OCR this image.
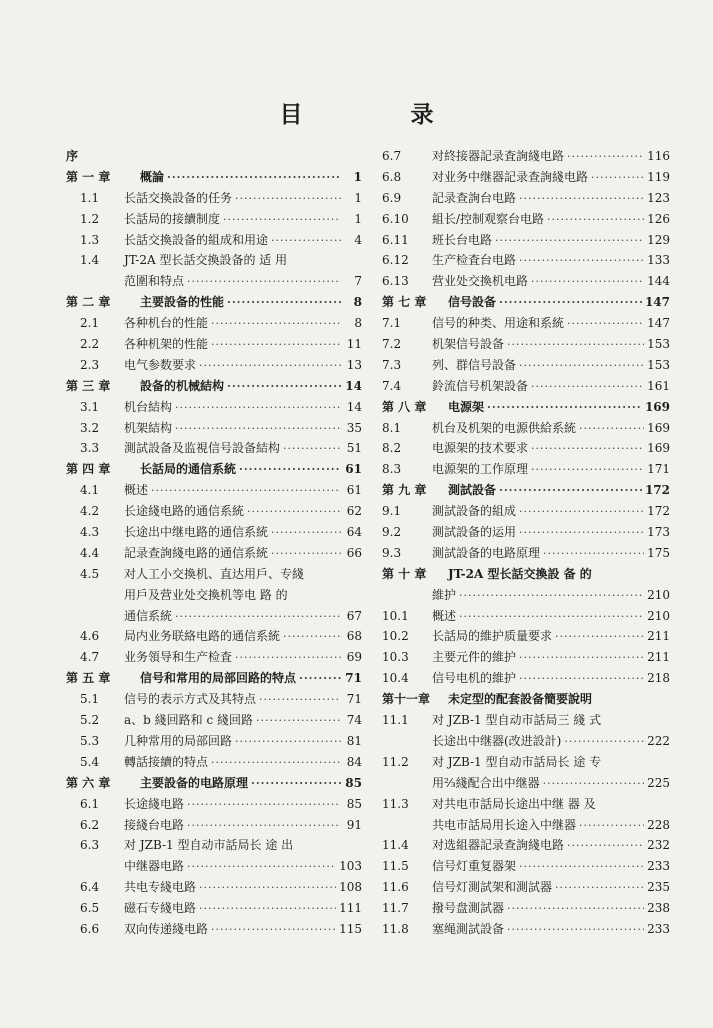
目 录
序
第 一 章	概論 ·····	1
1.1	长話交換設备的任务 ·····	1
1.2	长話局的接續制度 ·····	1
1.3	长話交換設备的組成和用途 ·····	4
1.4	JT-2A 型长話交換設备的 适 用
范圍和特点 ·····	7
第 二 章	主要設备的性能 ·····	8
2.1	各种机台的性能 ·····	8
2.2	各种机架的性能 ·····	11
2.3	电气参数要求 ·····	13
第 三 章	設备的机械結构 ·····	14
3.1	机台結构 ·····	14
3.2	机架結构 ·····	35
3.3	測試設备及监視信号設备結构 ·····	51
第 四 章	长話局的通信系統 ·····	61
4.1	概述 ·····	61
4.2	长途綫电路的通信系統 ·····	62
4.3	长途出中继电路的通信系統 ·····	64
4.4	記录查詢綫电路的通信系統 ·····	66
4.5	对人工小交換机、直达用戶、专綫
用戶及营业处交換机等电 路 的
通信系統 ·····	67
4.6	局内业务联絡电路的通信系統 ·····	68
4.7	业务領导和生产检査 ·····	69
第 五 章	信号和常用的局部回路的特点 ·····	71
5.1	信号的表示方式及其特点 ·····	71
5.2	a、b 綫回路和 c 綫回路 ·····	74
5.3	几种常用的局部回路 ·····	81
5.4	轉話接續的特点 ·····	84
第 六 章	主要設备的电路原理 ·····	85
6.1	长途綫电路 ·····	85
6.2	接綫台电路 ·····	91
6.3	对 JZB-1 型自动市話局长 途 出
中继器电路 ·····	103
6.4	共电专綫电路 ·····	108
6.5	磁石专綫电路 ·····	111
6.6	双向传递綫电路 ·····	115
6.7	对終接器記录査詢綫电路 ·····	116
6.8	对业务中继器記录查詢綫电路 ·····	119
6.9	記录查詢台电路 ·····	123
6.10	組长/控制观察台电路 ·····	126
6.11	班长台电路 ·····	129
6.12	生产检査台电路 ·····	133
6.13	营业处交換机电路 ·····	144
第 七 章	信号設备 ·····	147
7.1	信号的种类、用途和系統 ·····	147
7.2	机架信号設备 ·····	153
7.3	列、群信号設备 ·····	153
7.4	鈴流信号机架設备 ·····	161
第 八 章	电源架 ·····	169
8.1	机台及机架的电源供給系統 ·····	169
8.2	电源架的技术要求 ·····	169
8.3	电源架的工作原理 ·····	171
第 九 章	測試設备 ·····	172
9.1	測試設备的組成 ·····	172
9.2	測試設备的运用 ·····	173
9.3	測試設备的电路原理 ·····	175
第 十 章	JT-2A 型长話交換設 备 的
維护 ·····	210
10.1	概述 ·····	210
10.2	长話局的維护质量要求 ·····	211
10.3	主要元件的維护 ·····	211
10.4	信号电机的維护 ·····	218
第十一章	未定型的配套設备簡要說明
11.1	对 JZB-1 型自动市話局三 綫 式
长途出中继器(改进設計) ·····	222
11.2	对 JZB-1 型自动市話局长 途 专
用⅔綫配合出中继器 ·····	225
11.3	对共电市話局长途出中继 器 及
共电市話局用长途入中继器 ·····	228
11.4	对选組器記录查詢綫电路 ·····	232
11.5	信号灯重复器架 ·····	233
11.6	信号灯測試架和測試器 ·····	235
11.7	撥号盘測試器 ·····	238
11.8	塞绳測試設备 ·····	233
